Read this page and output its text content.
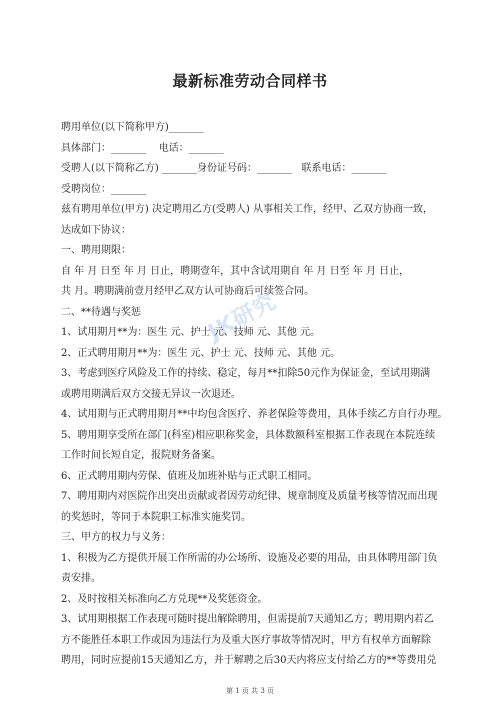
最新标准劳动合同样书

聘用单位(以下简称甲方)_______

具体部门：_______    电话：_______

受聘人(以下简称乙方) _______身份证号码：_______   联系电话：_______

受聘岗位：_______

兹有聘用单位(甲方) 决定聘用乙方(受聘人) 从事相关工作，经甲、乙双方协商一致，

达成如下协议：

一、聘用期限：

自 年 月 日至 年 月 日止，聘期壹年，其中含试用期自 年 月 日至 年 月 日止，

共 月。聘期满前壹月经甲乙双方认可协商后可续签合同。

二、**待遇与奖惩

1、试用期月**为：医生 元、护士 元、技师 元、其他 元。

2、正式聘用期月**为：医生 元、护士 元、技师 元、其他 元。

3、考虑到医疗风险及工作的持续、稳定，每月**扣除50元作为保证金，至试用期满

或聘用期满后双方交接无异议一次退还。

4、试用期与正式聘用期月**中均包含医疗、养老保险等费用，具体手续乙方自行办理。

5、聘用期享受所在部门(科室)相应职称奖金，具体数额科室根据工作表现在本院连续

工作时间长短自定，报院财务备案。

6、正式聘用期内劳保、值班及加班补贴与正式职工相同。

7、聘用期内对医院作出突出贡献或者因劳动纪律、规章制度及质量考核等情况而出现

的奖惩时，等同于本院职工标准实施奖罚。

三、甲方的权力与义务：

1、积极为乙方提供开展工作所需的办公场所、设施及必要的用品，由具体聘用部门负

责安排。

2、及时按相关标准向乙方兑现**及奖惩资金。

3、试用期根据工作表现可随时提出解除聘用，但需提前7天通知乙方；聘用期内若乙

方不能胜任本职工作或因为违法行为及重大医疗事故等情况时，甲方有权单方面解除

聘用，同时应提前15天通知乙方，并于解聘之后30天内将应支付给乙方的**等费用兑

JK研究
第 1 页 共 3 页
